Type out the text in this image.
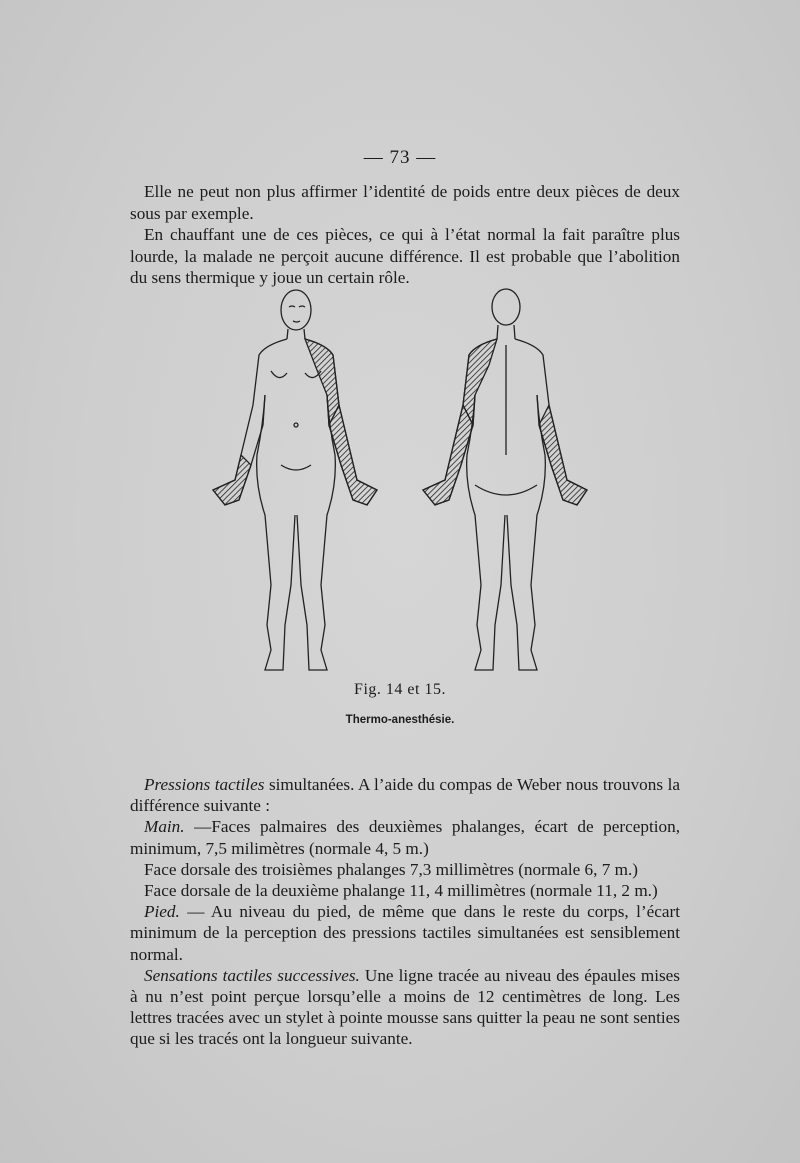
— 73 —

Elle ne peut non plus affirmer l’identité de poids entre deux pièces de deux sous par exemple.

En chauffant une de ces pièces, ce qui à l’état normal la fait paraître plus lourde, la malade ne perçoit aucune différence. Il est probable que l’abolition du sens thermique y joue un certain rôle.

Fig. 14 et 15.
Thermo-anesthésie.

Pressions tactiles simultanées. A l’aide du compas de Weber nous trouvons la différence suivante :

Main. —Faces palmaires des deuxièmes phalanges, écart de perception, minimum, 7,5 milimètres (normale 4, 5 m.)

Face dorsale des troisièmes phalanges 7,3 millimètres (normale 6, 7 m.)

Face dorsale de la deuxième phalange 11, 4 millimètres (normale 11, 2 m.)

Pied. — Au niveau du pied, de même que dans le reste du corps, l’écart minimum de la perception des pressions tactiles simultanées est sensiblement normal.

Sensations tactiles successives. Une ligne tracée au niveau des épaules mises à nu n’est point perçue lorsqu’elle a moins de 12 centimètres de long. Les lettres tracées avec un stylet à pointe mousse sans quitter la peau ne sont senties que si les tracés ont la longueur suivante.
